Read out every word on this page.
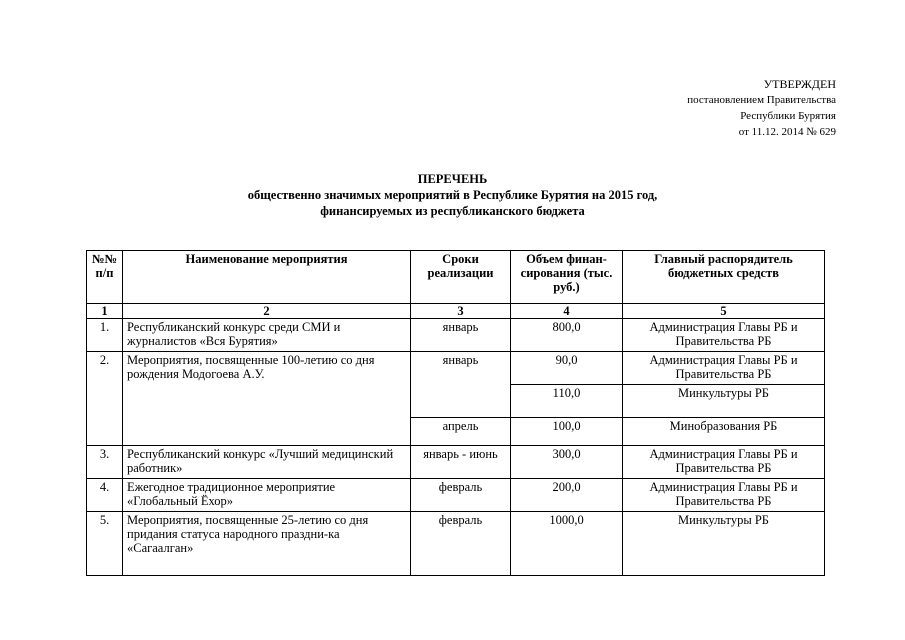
УТВЕРЖДЕН
постановлением Правительства
Республики Бурятия
от 11.12. 2014 № 629
ПЕРЕЧЕНЬ
общественно значимых мероприятий в Республике Бурятия на 2015 год,
финансируемых из республиканского бюджета
№№ п/п	Наименование мероприятия	Сроки реализации	Объем финан-сирования (тыс. руб.)	Главный распорядитель бюджетных средств
1	2	3	4	5
1.	Республиканский конкурс среди СМИ и журналистов «Вся Бурятия»	январь	800,0	Администрация Главы РБ и Правительства РБ
2.	Мероприятия, посвященные 100-летию со дня рождения Модогоева А.У.	январь	90,0	Администрация Главы РБ и Правительства РБ
			110,0	Минкультуры РБ
		апрель	100,0	Минобразования РБ
3.	Республиканский конкурс «Лучший медицинский работник»	январь - июнь	300,0	Администрация Главы РБ и Правительства РБ
4.	Ежегодное традиционное мероприятие «Глобальный Ёхор»	февраль	200,0	Администрация Главы РБ и Правительства РБ
5.	Мероприятия, посвященные 25-летию со дня придания статуса народного праздни-ка «Сагаалган»	февраль	1000,0	Минкультуры РБ
